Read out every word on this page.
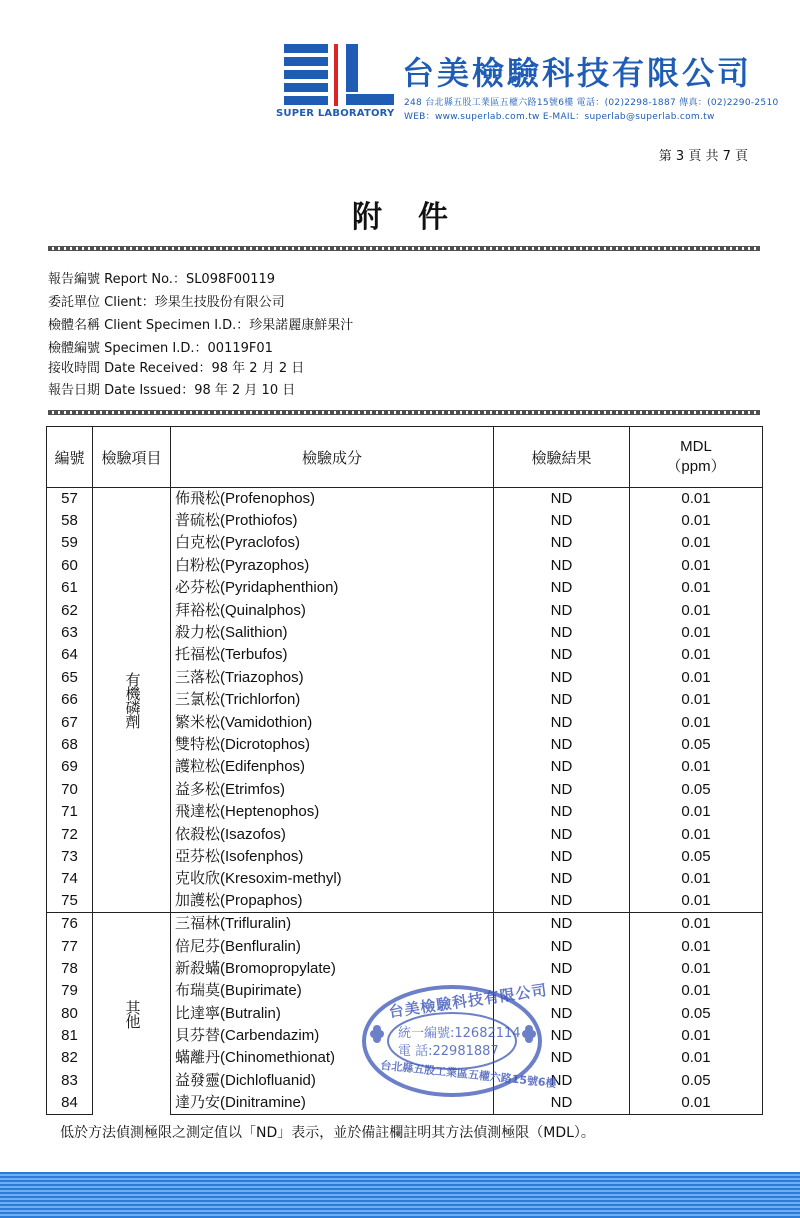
SUPER LABORATORY
台美檢驗科技有限公司
248 台北縣五股工業區五權六路15號6樓 電話：(02)2298-1887 傳真：(02)2290-2510
WEB：www.superlab.com.tw E-MAIL：superlab@superlab.com.tw
第 3 頁 共 7 頁
附件
報告編號 Report No.：SL098F00119
委託單位 Client：珍果生技股份有限公司
檢體名稱 Client Specimen I.D.：珍果諾麗康鮮果汁
檢體編號 Specimen I.D.：00119F01
接收時間 Date Received：98 年 2 月 2 日
報告日期 Date Issued：98 年 2 月 10 日
編號	檢驗項目	檢驗成分	檢驗結果	MDL
（ppm）

57	有機磷劑	佈飛松(Profenophos)	ND	0.01
58		普硫松(Prothiofos)	ND	0.01
59		白克松(Pyraclofos)	ND	0.01
60		白粉松(Pyrazophos)	ND	0.01
61		必芬松(Pyridaphenthion)	ND	0.01
62		拜裕松(Quinalphos)	ND	0.01
63		殺力松(Salithion)	ND	0.01
64		托福松(Terbufos)	ND	0.01
65		三落松(Triazophos)	ND	0.01
66		三氯松(Trichlorfon)	ND	0.01
67		繁米松(Vamidothion)	ND	0.01
68		雙特松(Dicrotophos)	ND	0.05
69		護粒松(Edifenphos)	ND	0.01
70		益多松(Etrimfos)	ND	0.05
71		飛達松(Heptenophos)	ND	0.01
72		依殺松(Isazofos)	ND	0.01
73		亞芬松(Isofenphos)	ND	0.05
74		克收欣(Kresoxim-methyl)	ND	0.01
75		加護松(Propaphos)	ND	0.01
76	其他	三福林(Trifluralin)	ND	0.01
77		倍尼芬(Benfluralin)	ND	0.01
78		新殺蟎(Bromopropylate)	ND	0.01
79		布瑞莫(Bupirimate)	ND	0.01
80		比達寧(Butralin)	ND	0.05
81		貝芬替(Carbendazim)	ND	0.01
82		蟎離丹(Chinomethionat)	ND	0.01
83		益發靈(Dichlofluanid)	ND	0.05
84		達乃安(Dinitramine)	ND	0.01
台美檢驗科技有限公司
統一編號:12682114
電 話:22981887
台北縣五股工業區五權六路15號6樓
低於方法偵測極限之測定值以「ND」表示，並於備註欄註明其方法偵測極限（MDL）。
